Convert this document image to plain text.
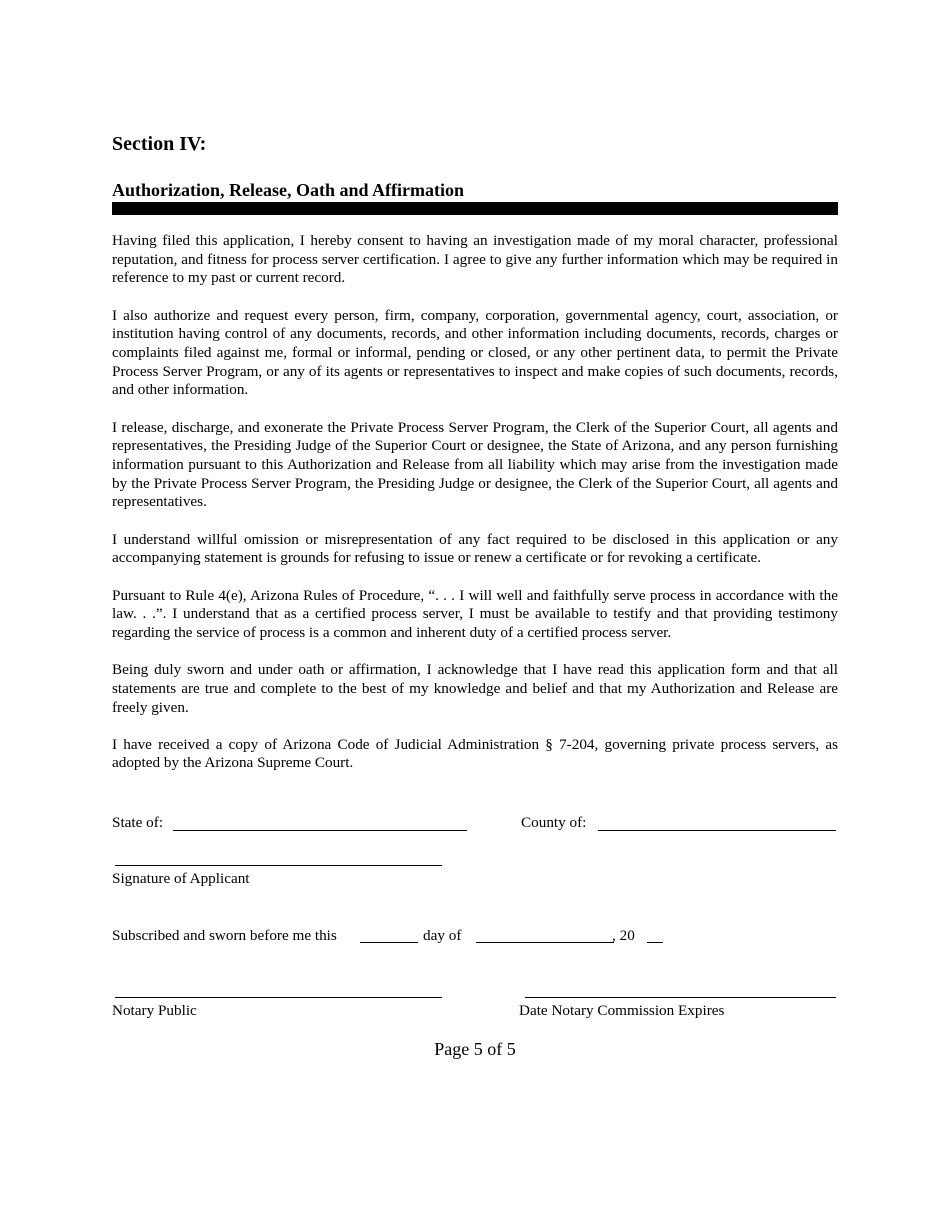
Section IV:
Authorization, Release, Oath and Affirmation

Having filed this application, I hereby consent to having an investigation made of my moral character, professional reputation, and fitness for process server certification. I agree to give any further information which may be required in reference to my past or current record.

I also authorize and request every person, firm, company, corporation, governmental agency, court, association, or institution having control of any documents, records, and other information including documents, records, charges or complaints filed against me, formal or informal, pending or closed, or any other pertinent data, to permit the Private Process Server Program, or any of its agents or representatives to inspect and make copies of such documents, records, and other information.

I release, discharge, and exonerate the Private Process Server Program, the Clerk of the Superior Court, all agents and representatives, the Presiding Judge of the Superior Court or designee, the State of Arizona, and any person furnishing information pursuant to this Authorization and Release from all liability which may arise from the investigation made by the Private Process Server Program, the Presiding Judge or designee, the Clerk of the Superior Court, all agents and representatives.

I understand willful omission or misrepresentation of any fact required to be disclosed in this application or any accompanying statement is grounds for refusing to issue or renew a certificate or for revoking a certificate.

Pursuant to Rule 4(e), Arizona Rules of Procedure, “. . . I will well and faithfully serve process in accordance with the law. . .”. I understand that as a certified process server, I must be available to testify and that providing testimony regarding the service of process is a common and inherent duty of a certified process server.

Being duly sworn and under oath or affirmation, I acknowledge that I have read this application form and that all statements are true and complete to the best of my knowledge and belief and that my Authorization and Release are freely given.

I have received a copy of Arizona Code of Judicial Administration § 7-204, governing private process servers, as adopted by the Arizona Supreme Court.

State of:	County of:
Signature of Applicant
Subscribed and sworn before me this	day of	, 20
Notary Public	Date Notary Commission Expires
Page 5 of 5
